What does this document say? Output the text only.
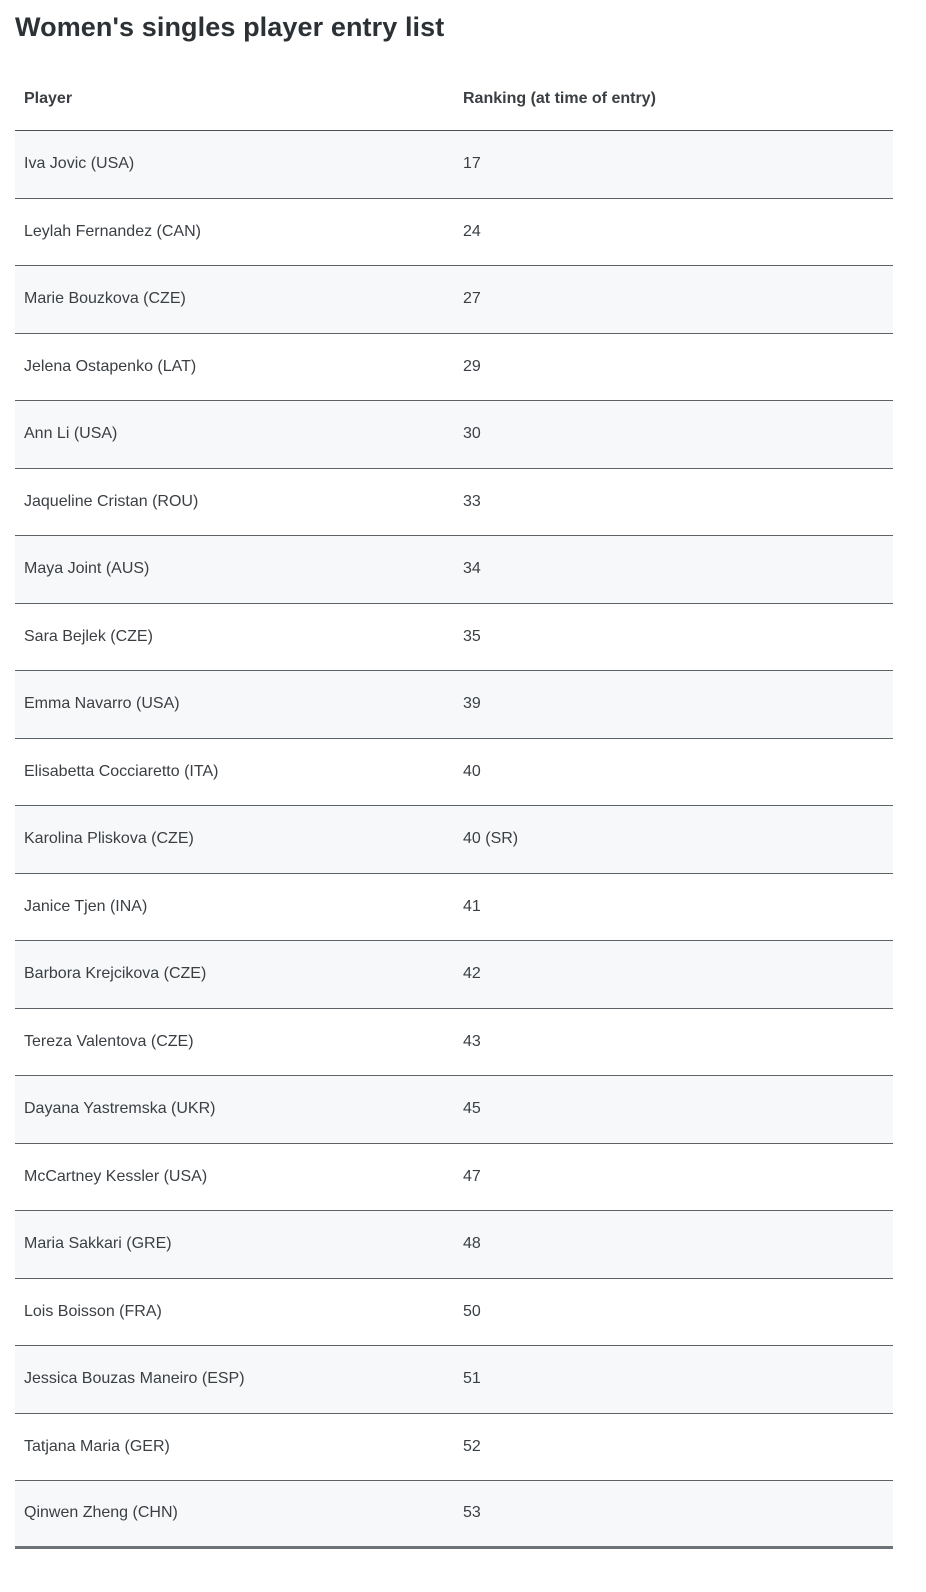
Women's singles player entry list
Player	Ranking (at time of entry)
Iva Jovic (USA)	17
Leylah Fernandez (CAN)	24
Marie Bouzkova (CZE)	27
Jelena Ostapenko (LAT)	29
Ann Li (USA)	30
Jaqueline Cristan (ROU)	33
Maya Joint (AUS)	34
Sara Bejlek (CZE)	35
Emma Navarro (USA)	39
Elisabetta Cocciaretto (ITA)	40
Karolina Pliskova (CZE)	40 (SR)
Janice Tjen (INA)	41
Barbora Krejcikova (CZE)	42
Tereza Valentova (CZE)	43
Dayana Yastremska (UKR)	45
McCartney Kessler (USA)	47
Maria Sakkari (GRE)	48
Lois Boisson (FRA)	50
Jessica Bouzas Maneiro (ESP)	51
Tatjana Maria (GER)	52
Qinwen Zheng (CHN)	53
